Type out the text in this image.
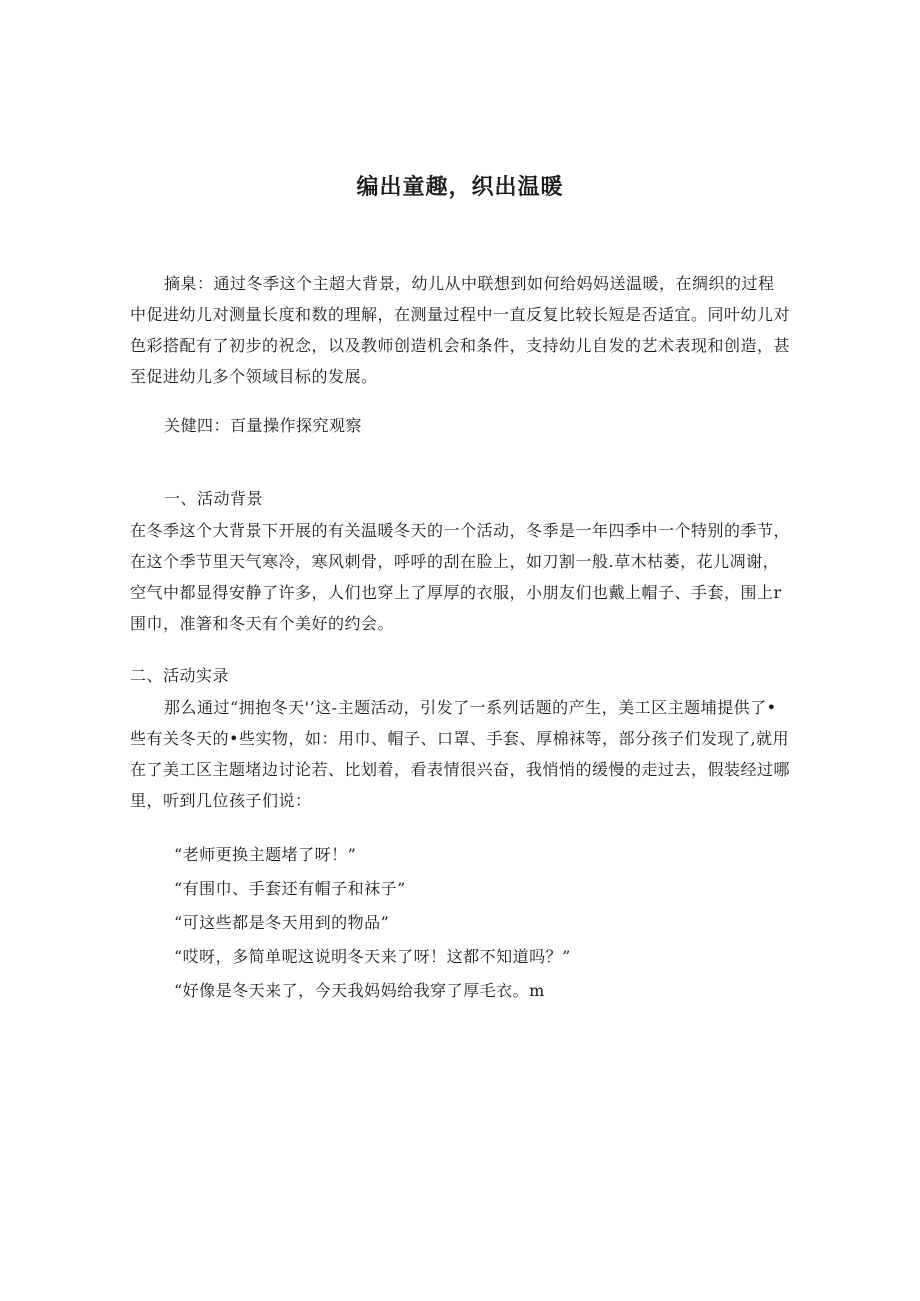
编出童趣，织出温暖
摘臬：通过冬季这个主超大背景，幼儿从中联想到如何给妈妈送温暖，在绸织的过程中促进幼儿对测量长度和数的理解，在测量过程中一直反复比较长短是否适宜。同叶幼儿对色彩搭配有了初步的祝念，以及教师创造机会和条件，支持幼儿自发的艺术表现和创造，甚至促进幼儿多个领域目标的发展。
关健四：百量操作探究观察
一、活动背景
在冬季这个大背景下开展的有关温暖冬天的一个活动，冬季是一年四季中一个特别的季节，在这个季节里天气寒冷，寒风刺骨，呼呼的刮在脸上，如刀割一般.草木枯萎，花儿凋谢，空气中都显得安静了许多，人们也穿上了厚厚的衣服，小朋友们也戴上帽子、手套，围上r围巾，准箸和冬天有个美好的约会。
二、活动实录
那么通过“拥抱冬天'’这-主题活动，引发了一系列话题的产生，美工区主题埔提供了•些有关冬天的•些实物，如：用巾、帽子、口罩、手套、厚棉袜等，部分孩子们发现了,就用在了美工区主题堵边讨论若、比划着，看表情很兴奋，我悄悄的缓慢的走过去，假装经过哪里，听到几位孩子们说：
“老师更换主题堵了呀！”
“有围巾、手套还有帽子和袜子”
“可这些都是冬天用到的物品”
“哎呀，多简单呢这说明冬天来了呀！这都不知道吗？”
“好像是冬天来了，今天我妈妈给我穿了厚毛衣。m
